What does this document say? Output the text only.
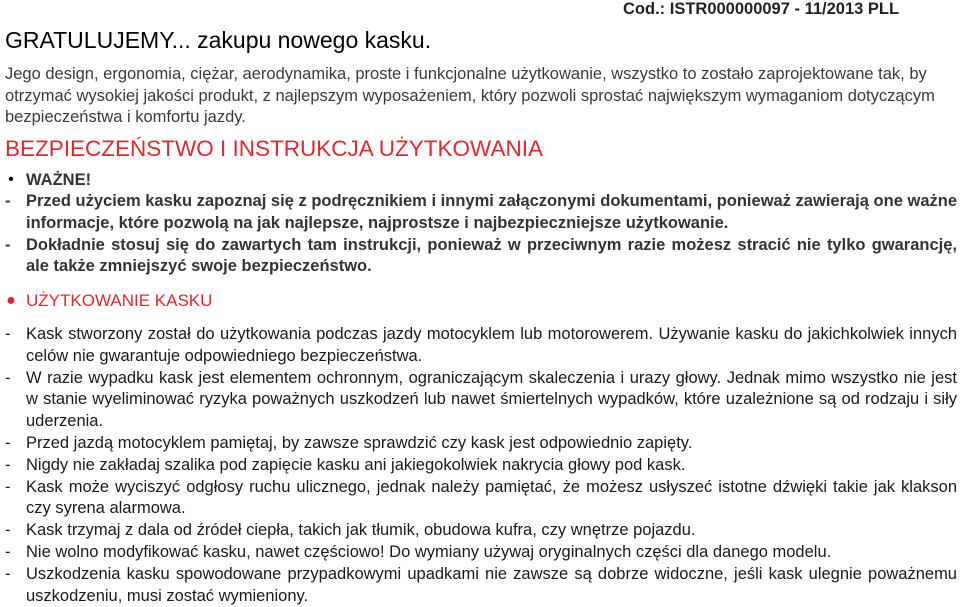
Cod.: ISTR000000097 - 11/2013 PLL
GRATULUJEMY... zakupu nowego kasku.
Jego design, ergonomia, ciężar, aerodynamika, proste i funkcjonalne użytkowanie, wszystko to zostało zaprojektowane tak, by otrzymać wysokiej jakości produkt, z najlepszym wyposażeniem, który pozwoli sprostać największym wymaganiom dotyczącym bezpieczeństwa i komfortu jazdy.
BEZPIECZEŃSTWO I INSTRUKCJA UŻYTKOWANIA
• WAŻNE!
- Przed użyciem kasku zapoznaj się z podręcznikiem i innymi załączonymi dokumentami, ponieważ zawierają one ważne informacje, które pozwolą na jak najlepsze, najprostsze i najbezpieczniejsze użytkowanie.
- Dokładnie stosuj się do zawartych tam instrukcji, ponieważ w przeciwnym razie możesz stracić nie tylko gwarancję, ale także zmniejszyć swoje bezpieczeństwo.
● UŻYTKOWANIE KASKU
- Kask stworzony został do użytkowania podczas jazdy motocyklem lub motorowerem. Używanie kasku do jakichkolwiek innych celów nie gwarantuje odpowiedniego bezpieczeństwa.
- W razie wypadku kask jest elementem ochronnym, ograniczającym skaleczenia i urazy głowy. Jednak mimo wszystko nie jest w stanie wyeliminować ryzyka poważnych uszkodzeń lub nawet śmiertelnych wypadków, które uzależnione są od rodzaju i siły uderzenia.
- Przed jazdą motocyklem pamiętaj, by zawsze sprawdzić czy kask jest odpowiednio zapięty.
- Nigdy nie zakładaj szalika pod zapięcie kasku ani jakiegokolwiek nakrycia głowy pod kask.
- Kask może wyciszyć odgłosy ruchu ulicznego, jednak należy pamiętać, że możesz usłyszeć istotne dźwięki takie jak klakson czy syrena alarmowa.
- Kask trzymaj z dala od źródeł ciepła, takich jak tłumik, obudowa kufra, czy wnętrze pojazdu.
- Nie wolno modyfikować kasku, nawet częściowo! Do wymiany używaj oryginalnych części dla danego modelu.
- Uszkodzenia kasku spowodowane przypadkowymi upadkami nie zawsze są dobrze widoczne, jeśli kask ulegnie poważnemu uszkodzeniu, musi zostać wymieniony.
